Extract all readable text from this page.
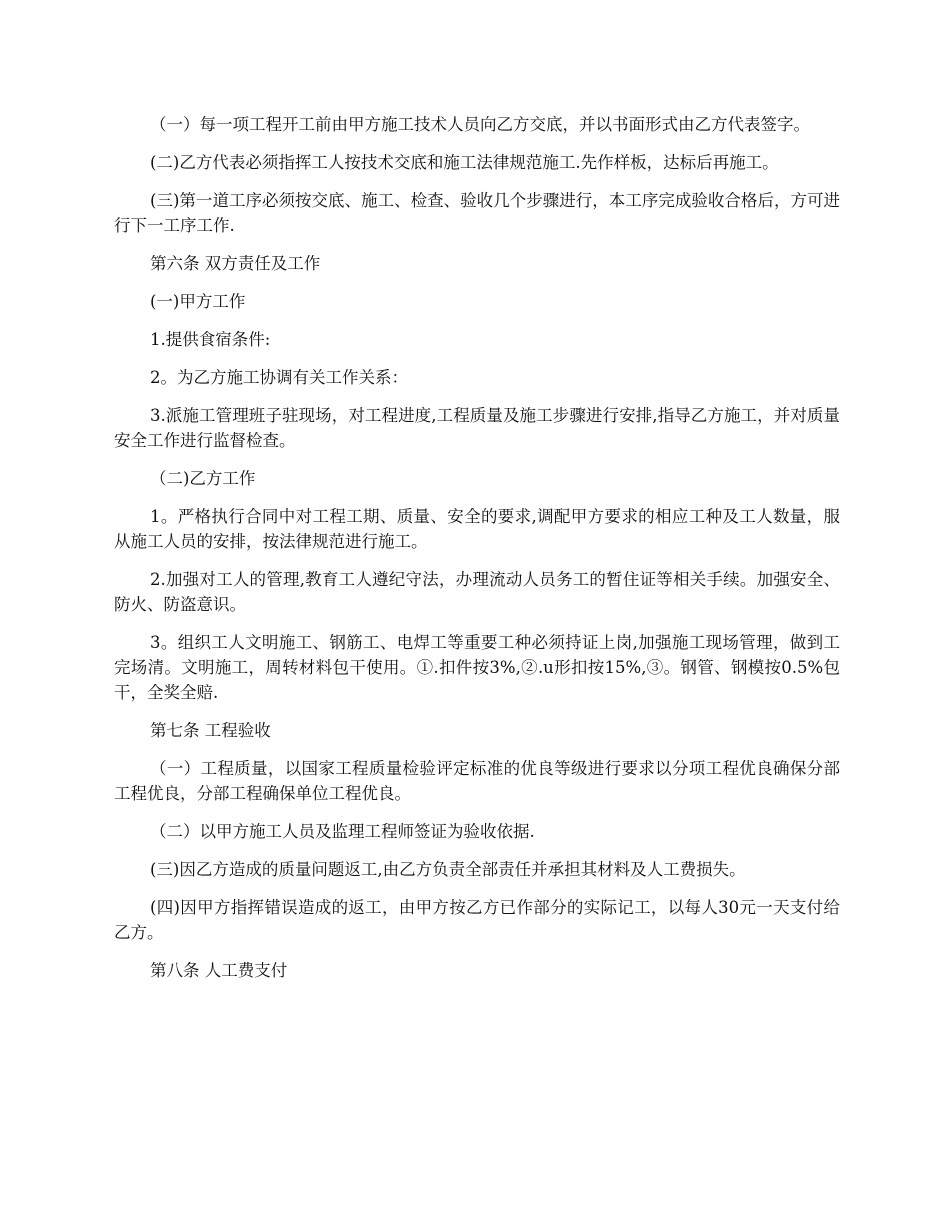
（一）每一项工程开工前由甲方施工技术人员向乙方交底，并以书面形式由乙方代表签字。

(二)乙方代表必须指挥工人按技术交底和施工法律规范施工.先作样板，达标后再施工。

(三)第一道工序必须按交底、施工、检查、验收几个步骤进行，本工序完成验收合格后，方可进行下一工序工作.

第六条 双方责任及工作

(一)甲方工作

1.提供食宿条件:

2。为乙方施工协调有关工作关系：

3.派施工管理班子驻现场，对工程进度,工程质量及施工步骤进行安排,指导乙方施工，并对质量安全工作进行监督检查。

（二)乙方工作

1。严格执行合同中对工程工期、质量、安全的要求,调配甲方要求的相应工种及工人数量，服从施工人员的安排，按法律规范进行施工。

2.加强对工人的管理,教育工人遵纪守法，办理流动人员务工的暂住证等相关手续。加强安全、防火、防盗意识。

3。组织工人文明施工、钢筋工、电焊工等重要工种必须持证上岗,加强施工现场管理，做到工完场清。文明施工，周转材料包干使用。①.扣件按3%,②.u形扣按15%,③。钢管、钢模按0.5%包干，全奖全赔.

第七条 工程验收

（一）工程质量，以国家工程质量检验评定标准的优良等级进行要求以分项工程优良确保分部工程优良，分部工程确保单位工程优良。

（二）以甲方施工人员及监理工程师签证为验收依据.

(三)因乙方造成的质量问题返工,由乙方负责全部责任并承担其材料及人工费损失。

(四)因甲方指挥错误造成的返工，由甲方按乙方已作部分的实际记工，以每人30元一天支付给乙方。

第八条 人工费支付
